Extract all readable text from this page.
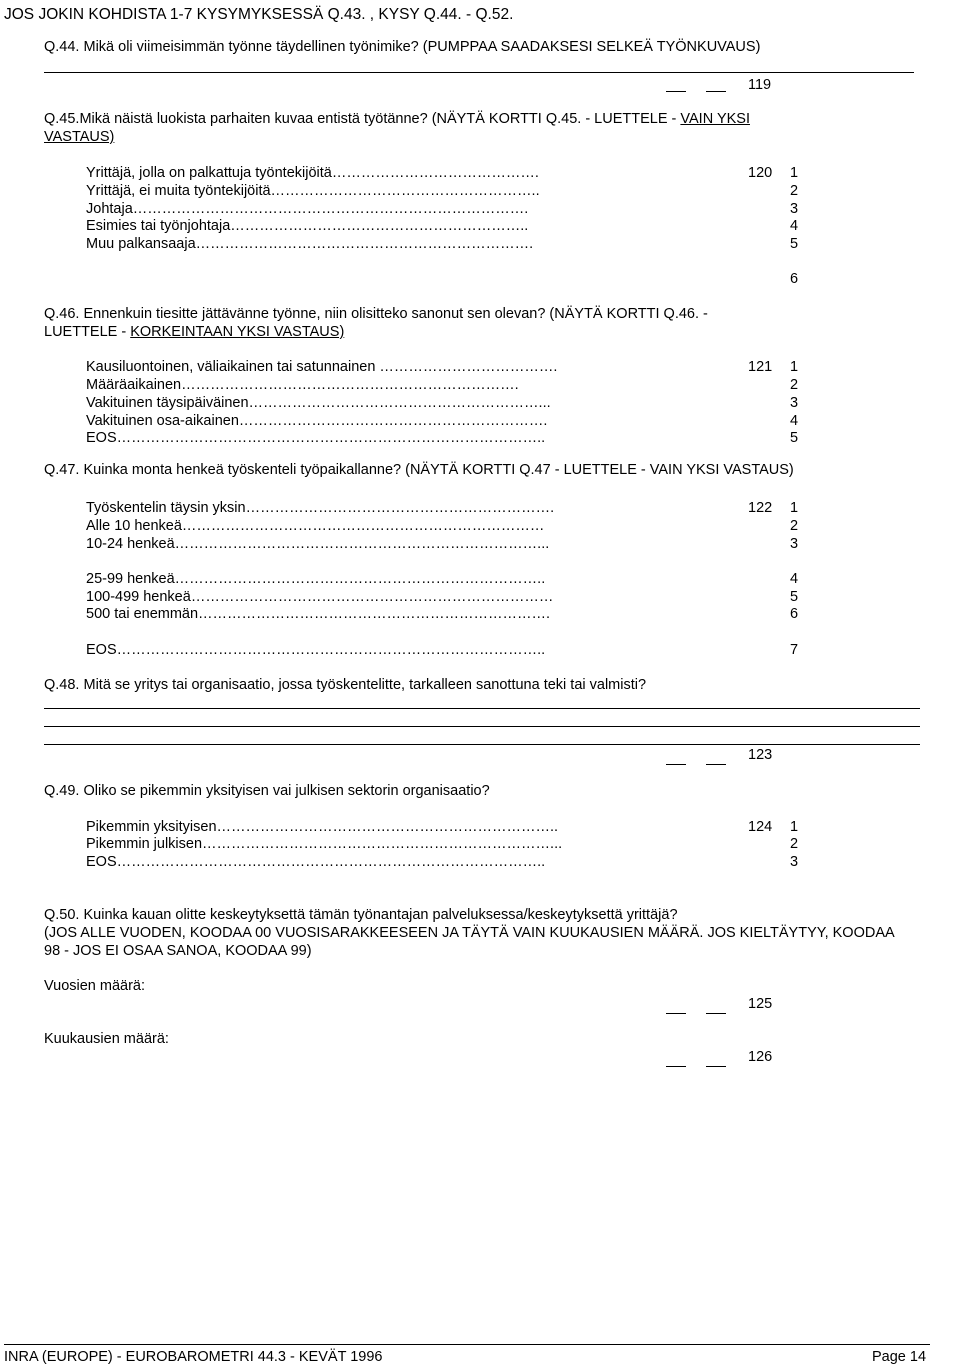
JOS JOKIN KOHDISTA 1-7 KYSYMYKSESSÄ Q.43. , KYSY Q.44. - Q.52.
Q.44. Mikä oli viimeisimmän työnne täydellinen työnimike? (PUMPPAA SAADAKSESI SELKEÄ TYÖNKUVAUS)
119
Q.45.Mikä näistä luokista parhaiten kuvaa entistä työtänne? (NÄYTÄ KORTTI Q.45. - LUETTELE - VAIN YKSI
VASTAUS)
Yrittäjä, jolla on palkattuja työntekijöitä…………………………………….
Yrittäjä, ei muita työntekijöitä………………………………………………..
Johtaja……………………………………………………………………….
Esimies tai työnjohtaja……………………………………………………..
Muu palkansaaja…………………………………………………………….
120 1
2
3
4
5
6
Q.46. Ennenkuin tiesitte jättävänne työnne, niin olisitteko sanonut sen olevan? (NÄYTÄ KORTTI Q.46. -
LUETTELE - KORKEINTAAN YKSI VASTAUS)
Kausiluontoinen, väliaikainen tai satunnainen ……………………………….
Määräaikainen…………………………………………………………….
Vakituinen täysipäiväinen……………………………………………………...
Vakituinen osa-aikainen……………………………………………………….
EOS……………………………………………………………………………..
121 1
2
3
4
5
Q.47. Kuinka monta henkeä työskenteli työpaikallanne? (NÄYTÄ KORTTI Q.47 - LUETTELE - VAIN YKSI VASTAUS)
Työskentelin täysin yksin……………………………………………………….
Alle 10 henkeä…………………………………………………………………
10-24 henkeä…………………………………………………………………...
25-99 henkeä…………………………………………………………………..
100-499 henkeä…………………………………………………………………
500 tai enemmän……………………………………………………………….
EOS……………………………………………………………………………..
122 1
2
3
4
5
6
7
Q.48. Mitä se yritys tai organisaatio, jossa työskentelitte, tarkalleen sanottuna teki tai valmisti?
123
Q.49. Oliko se pikemmin yksityisen vai julkisen sektorin organisaatio?
Pikemmin yksityisen……………………………………………………………..
Pikemmin julkisen………………………………………………………………...
EOS……………………………………………………………………………..
124 1
2
3
Q.50. Kuinka kauan olitte keskeytyksettä tämän työnantajan palveluksessa/keskeytyksettä yrittäjä?
(JOS ALLE VUODEN, KOODAA 00 VUOSISARAKKEESEEN JA TÄYTÄ VAIN KUUKAUSIEN MÄÄRÄ. JOS KIELTÄYTYY, KOODAA
98 - JOS EI OSAA SANOA, KOODAA 99)
Vuosien määrä:
125
Kuukausien määrä:
126
INRA (EUROPE) - EUROBAROMETRI 44.3 - KEVÄT 1996	Page 14
